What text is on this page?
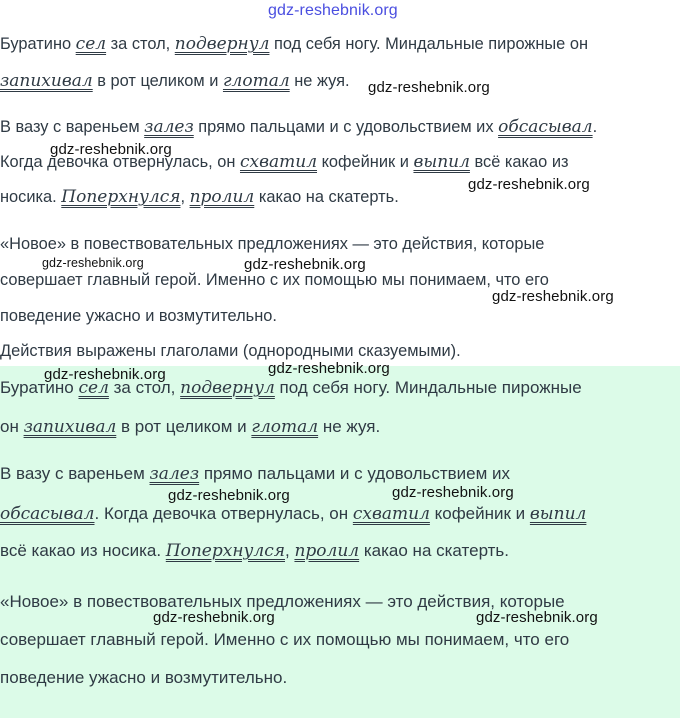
gdz-reshebnik.org
Буратино сел за стол, подвернул под себя ногу. Миндальные пирожные он
запихивал в рот целиком и глотал не жуя.
В вазу с вареньем залез прямо пальцами и с удовольствием их обсасывал.
Когда девочка отвернулась, он схватил кофейник и выпил всё какао из
носика. Поперхнулся, пролил какао на скатерть.
«Новое» в повествовательных предложениях — это действия, которые
совершает главный герой. Именно с их помощью мы понимаем, что его
поведение ужасно и возмутительно.
Действия выражены глаголами (однородными сказуемыми).
Буратино сел за стол, подвернул под себя ногу. Миндальные пирожные
он запихивал в рот целиком и глотал не жуя.
В вазу с вареньем залез прямо пальцами и с удовольствием их
обсасывал. Когда девочка отвернулась, он схватил кофейник и выпил
всё какао из носика. Поперхнулся, пролил какао на скатерть.
«Новое» в повествовательных предложениях — это действия, которые
совершает главный герой. Именно с их помощью мы понимаем, что его
поведение ужасно и возмутительно.
gdz-reshebnik.org
gdz-reshebnik.org
gdz-reshebnik.org
gdz-reshebnik.org	gdz-reshebnik.org
gdz-reshebnik.org
gdz-reshebnik.org	gdz-reshebnik.org
gdz-reshebnik.org	gdz-reshebnik.org
gdz-reshebnik.org	gdz-reshebnik.org
